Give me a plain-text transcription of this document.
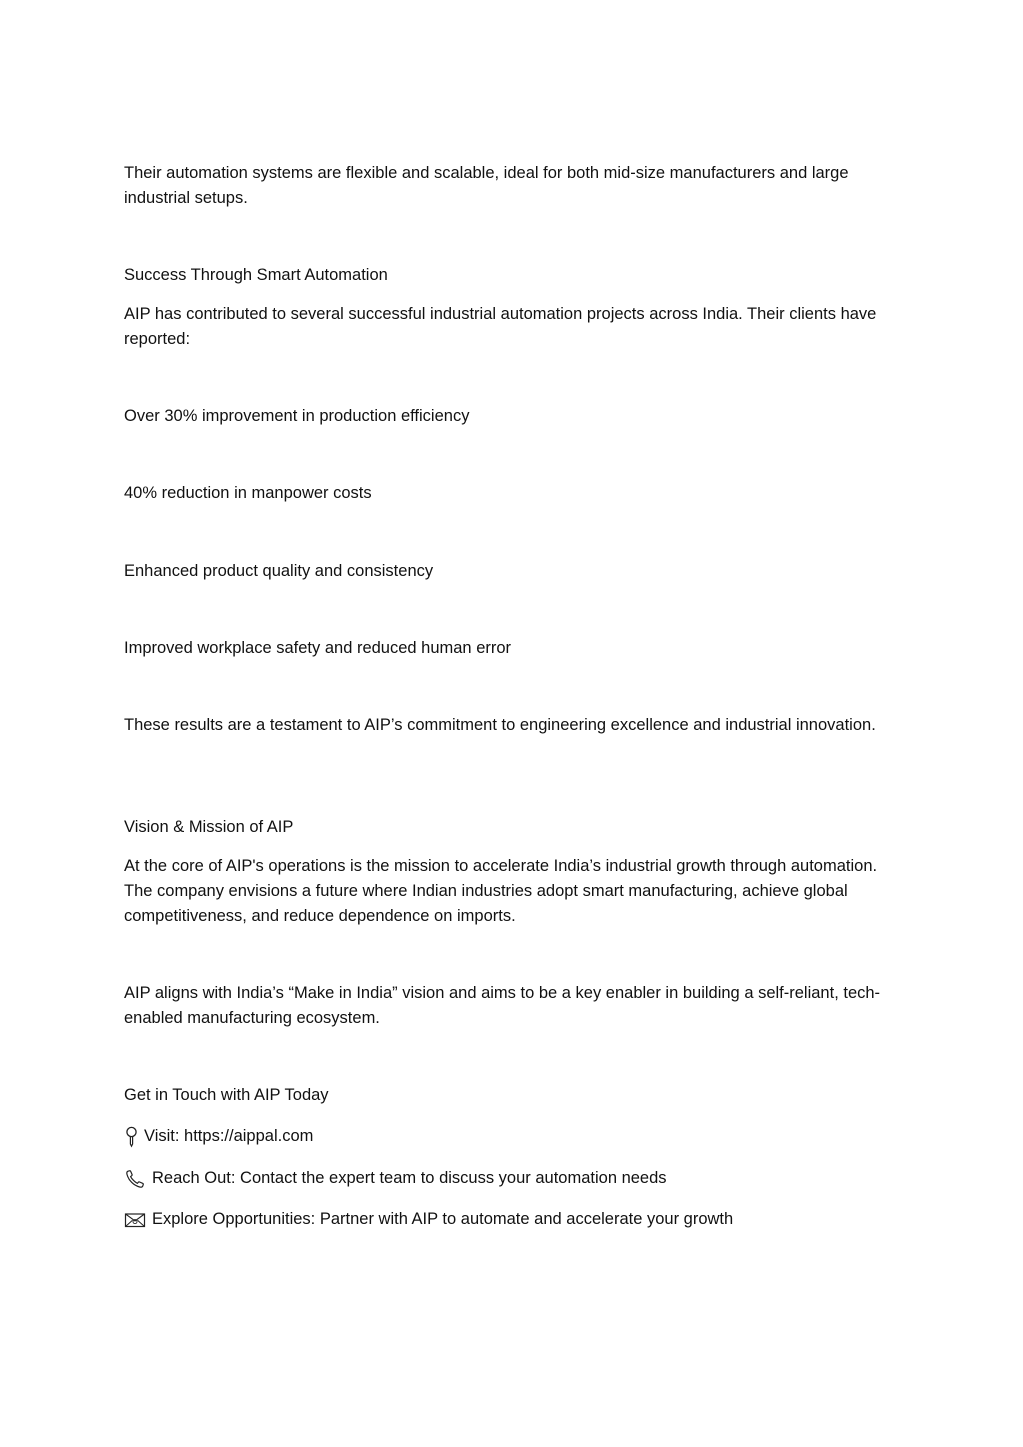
Their automation systems are flexible and scalable, ideal for both mid-size manufacturers and large industrial setups.

Success Through Smart Automation

AIP has contributed to several successful industrial automation projects across India. Their clients have reported:

Over 30% improvement in production efficiency

40% reduction in manpower costs

Enhanced product quality and consistency

Improved workplace safety and reduced human error

These results are a testament to AIP’s commitment to engineering excellence and industrial innovation.

Vision & Mission of AIP

At the core of AIP's operations is the mission to accelerate India’s industrial growth through automation. The company envisions a future where Indian industries adopt smart manufacturing, achieve global competitiveness, and reduce dependence on imports.

AIP aligns with India’s “Make in India” vision and aims to be a key enabler in building a self-reliant, tech-enabled manufacturing ecosystem.

Get in Touch with AIP Today

Visit: https://aippal.com
Reach Out: Contact the expert team to discuss your automation needs
Explore Opportunities: Partner with AIP to automate and accelerate your growth
